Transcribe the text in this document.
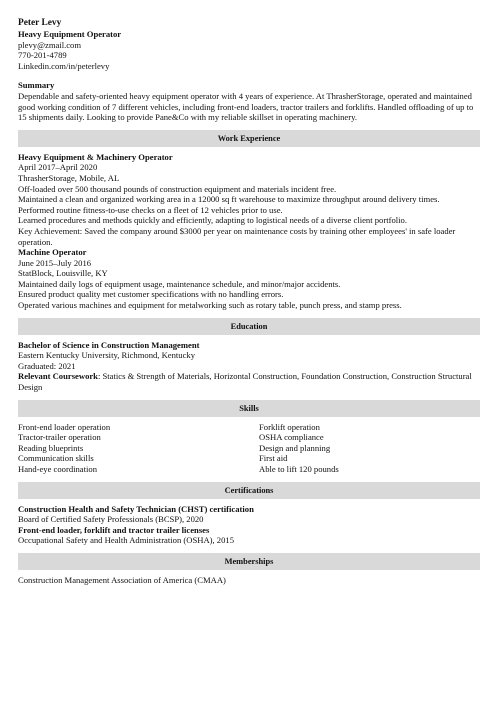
Peter Levy

Heavy Equipment Operator

plevy@zmail.com

770-201-4789

Linkedin.com/in/peterlevy

Summary

Dependable and safety-oriented heavy equipment operator with 4 years of experience. At ThrasherStorage, operated and maintained good working condition of 7 different vehicles, including front-end loaders, tractor trailers and forklifts. Handled offloading of up to 15 shipments daily. Looking to provide Pane&Co with my reliable skillset in operating machinery.

Work Experience

Heavy Equipment & Machinery Operator

April 2017–April 2020

ThrasherStorage, Mobile, AL

Off-loaded over 500 thousand pounds of construction equipment and materials incident free.

Maintained a clean and organized working area in a 12000 sq ft warehouse to maximize throughput around delivery times.

Performed routine fitness-to-use checks on a fleet of 12 vehicles prior to use.

Learned procedures and methods quickly and efficiently, adapting to logistical needs of a diverse client portfolio.

Key Achievement: Saved the company around $3000 per year on maintenance costs by training other employees' in safe loader operation.

Machine Operator

June 2015–July 2016

StatBlock, Louisville, KY

Maintained daily logs of equipment usage, maintenance schedule, and minor/major accidents.

Ensured product quality met customer specifications with no handling errors.

Operated various machines and equipment for metalworking such as rotary table, punch press, and stamp press.

Education

Bachelor of Science in Construction Management

Eastern Kentucky University, Richmond, Kentucky

Graduated: 2021

Relevant Coursework: Statics & Strength of Materials, Horizontal Construction, Foundation Construction, Construction Structural Design

Skills

Front-end loader operation

Tractor-trailer operation

Reading blueprints

Communication skills

Hand-eye coordination

Forklift operation

OSHA compliance

Design and planning

First aid

Able to lift 120 pounds

Certifications

Construction Health and Safety Technician (CHST) certification

Board of Certified Safety Professionals (BCSP), 2020

Front-end loader, forklift and tractor trailer licenses

Occupational Safety and Health Administration (OSHA), 2015

Memberships

Construction Management Association of America (CMAA)
